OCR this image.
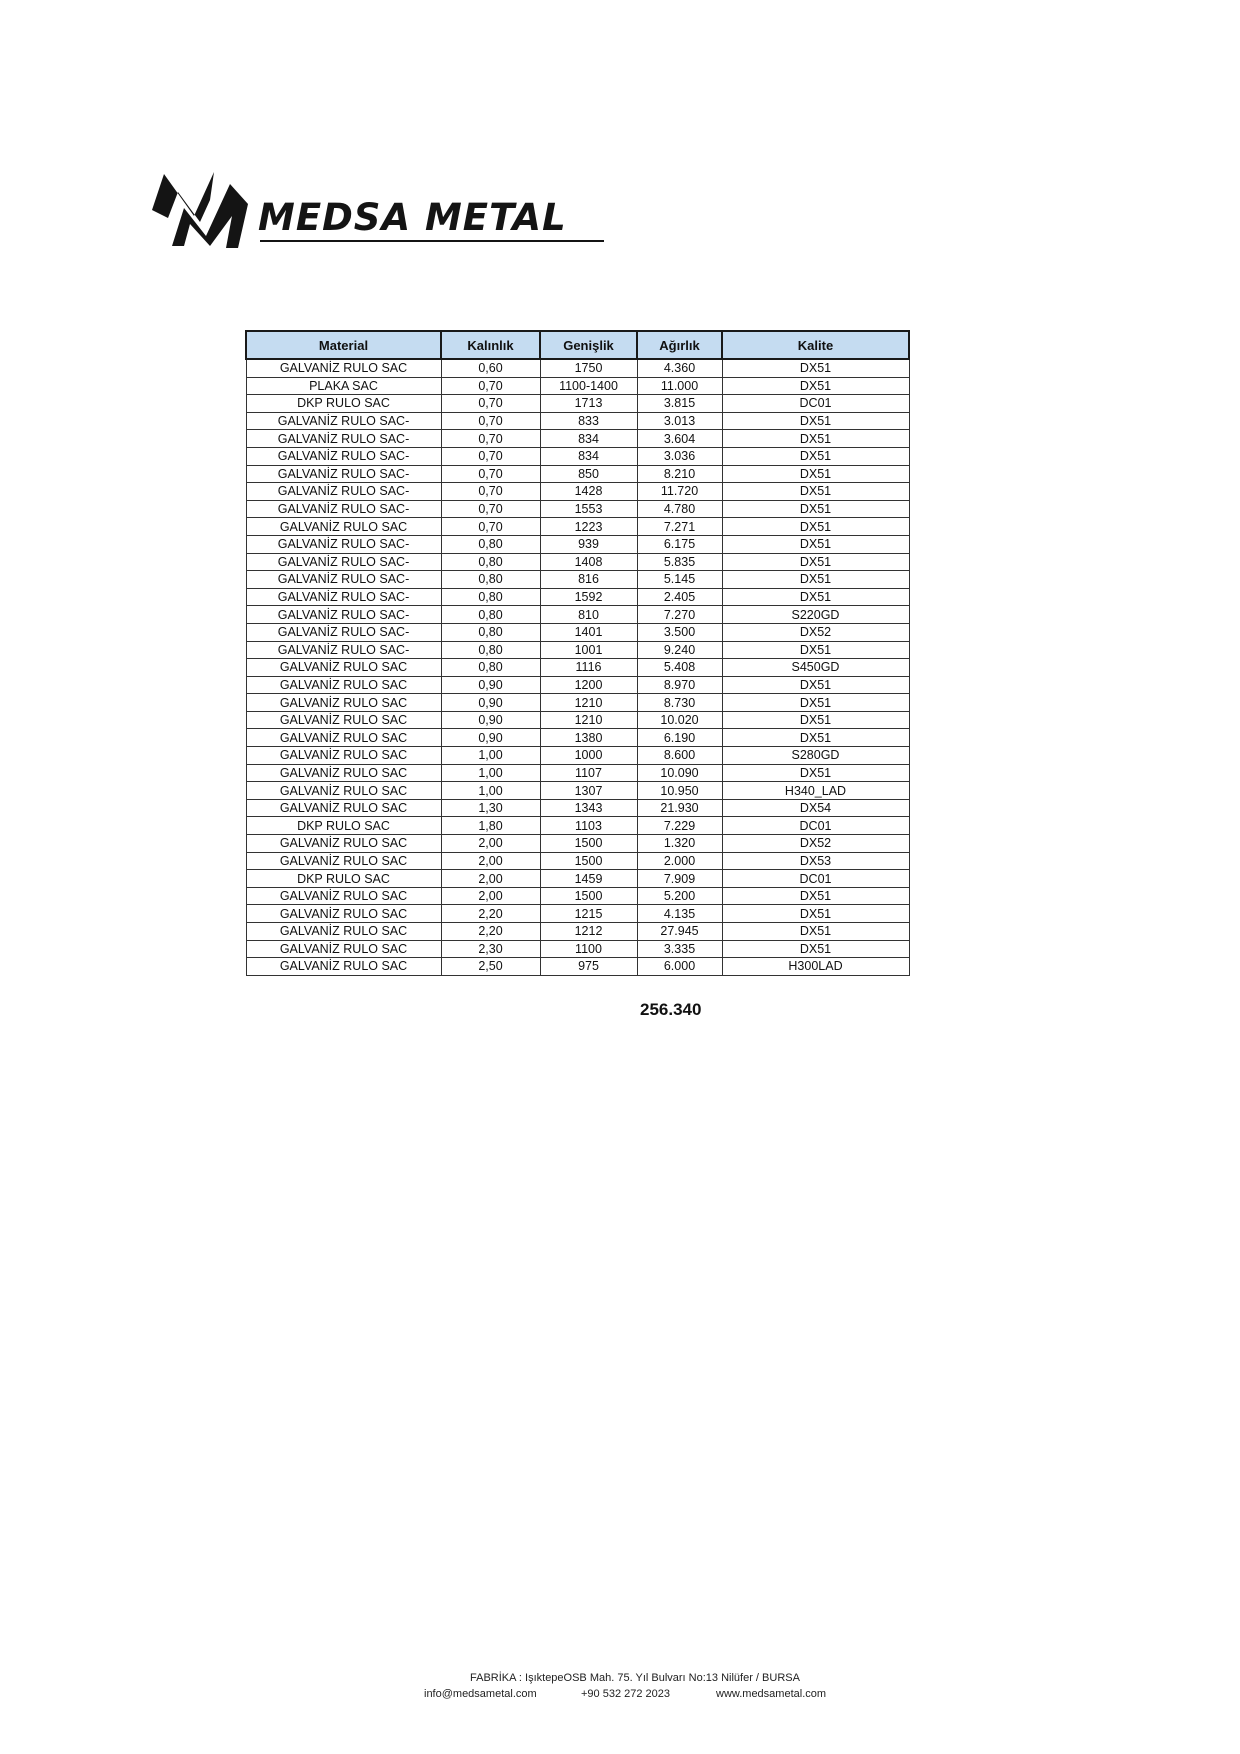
MEDSA METAL
Material	Kalınlık	Genişlik	Ağırlık	Kalite
GALVANİZ RULO SAC	0,60	1750	4.360	DX51
PLAKA SAC	0,70	1100-1400	11.000	DX51
DKP RULO SAC	0,70	1713	3.815	DC01
GALVANİZ RULO SAC-	0,70	833	3.013	DX51
GALVANİZ RULO SAC-	0,70	834	3.604	DX51
GALVANİZ RULO SAC-	0,70	834	3.036	DX51
GALVANİZ RULO SAC-	0,70	850	8.210	DX51
GALVANİZ RULO SAC-	0,70	1428	11.720	DX51
GALVANİZ RULO SAC-	0,70	1553	4.780	DX51
GALVANİZ RULO SAC	0,70	1223	7.271	DX51
GALVANİZ RULO SAC-	0,80	939	6.175	DX51
GALVANİZ RULO SAC-	0,80	1408	5.835	DX51
GALVANİZ RULO SAC-	0,80	816	5.145	DX51
GALVANİZ RULO SAC-	0,80	1592	2.405	DX51
GALVANİZ RULO SAC-	0,80	810	7.270	S220GD
GALVANİZ RULO SAC-	0,80	1401	3.500	DX52
GALVANİZ RULO SAC-	0,80	1001	9.240	DX51
GALVANİZ RULO SAC	0,80	1116	5.408	S450GD
GALVANİZ RULO SAC	0,90	1200	8.970	DX51
GALVANİZ RULO SAC	0,90	1210	8.730	DX51
GALVANİZ RULO SAC	0,90	1210	10.020	DX51
GALVANİZ RULO SAC	0,90	1380	6.190	DX51
GALVANİZ RULO SAC	1,00	1000	8.600	S280GD
GALVANİZ RULO SAC	1,00	1107	10.090	DX51
GALVANİZ RULO SAC	1,00	1307	10.950	H340_LAD
GALVANİZ RULO SAC	1,30	1343	21.930	DX54
DKP RULO SAC	1,80	1103	7.229	DC01
GALVANİZ RULO SAC	2,00	1500	1.320	DX52
GALVANİZ RULO SAC	2,00	1500	2.000	DX53
DKP RULO SAC	2,00	1459	7.909	DC01
GALVANİZ RULO SAC	2,00	1500	5.200	DX51
GALVANİZ RULO SAC	2,20	1215	4.135	DX51
GALVANİZ RULO SAC	2,20	1212	27.945	DX51
GALVANİZ RULO SAC	2,30	1100	3.335	DX51
GALVANİZ RULO SAC	2,50	975	6.000	H300LAD
256.340
FABRİKA : IşıktepeOSB Mah. 75. Yıl Bulvarı No:13 Nilüfer / BURSA
info@medsametal.com	+90 532 272 2023	www.medsametal.com
